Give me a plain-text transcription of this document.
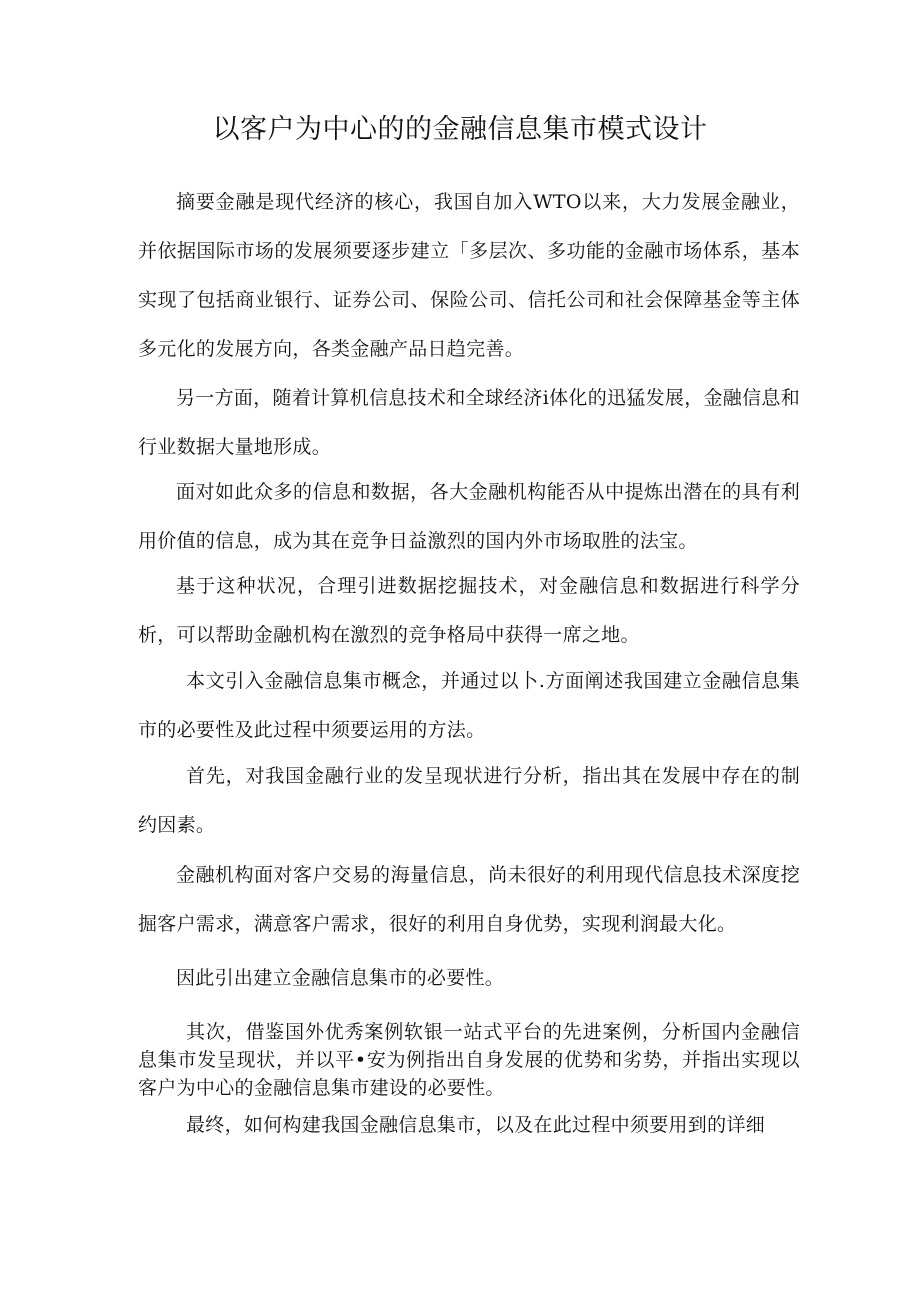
以客户为中心的的金融信息集市模式设计

摘要金融是现代经济的核心，我国自加入WTO以来，大力发展金融业，并依据国际市场的发展须要逐步建立「多层次、多功能的金融市场体系，基本实现了包括商业银行、证券公司、保险公司、信托公司和社会保障基金等主体多元化的发展方向，各类金融产品日趋完善。

另一方面，随着计算机信息技术和全球经济i体化的迅猛发展，金融信息和行业数据大量地形成。

面对如此众多的信息和数据，各大金融机构能否从中提炼出潜在的具有利用价值的信息，成为其在竞争日益激烈的国内外市场取胜的法宝。

基于这种状况，合理引进数据挖掘技术，对金融信息和数据进行科学分析，可以帮助金融机构在激烈的竞争格局中获得一席之地。

本文引入金融信息集市概念，并通过以卜.方面阐述我国建立金融信息集市的必要性及此过程中须要运用的方法。

首先，对我国金融行业的发呈现状进行分析，指出其在发展中存在的制约因素。

金融机构面对客户交易的海量信息，尚未很好的利用现代信息技术深度挖掘客户需求，满意客户需求，很好的利用自身优势，实现利润最大化。

因此引出建立金融信息集市的必要性。

其次，借鉴国外优秀案例软银一站式平台的先进案例，分析国内金融信息集市发呈现状，并以平•安为例指出自身发展的优势和劣势，并指出实现以客户为中心的金融信息集市建设的必要性。

最终，如何构建我国金融信息集市，以及在此过程中须要用到的详细
